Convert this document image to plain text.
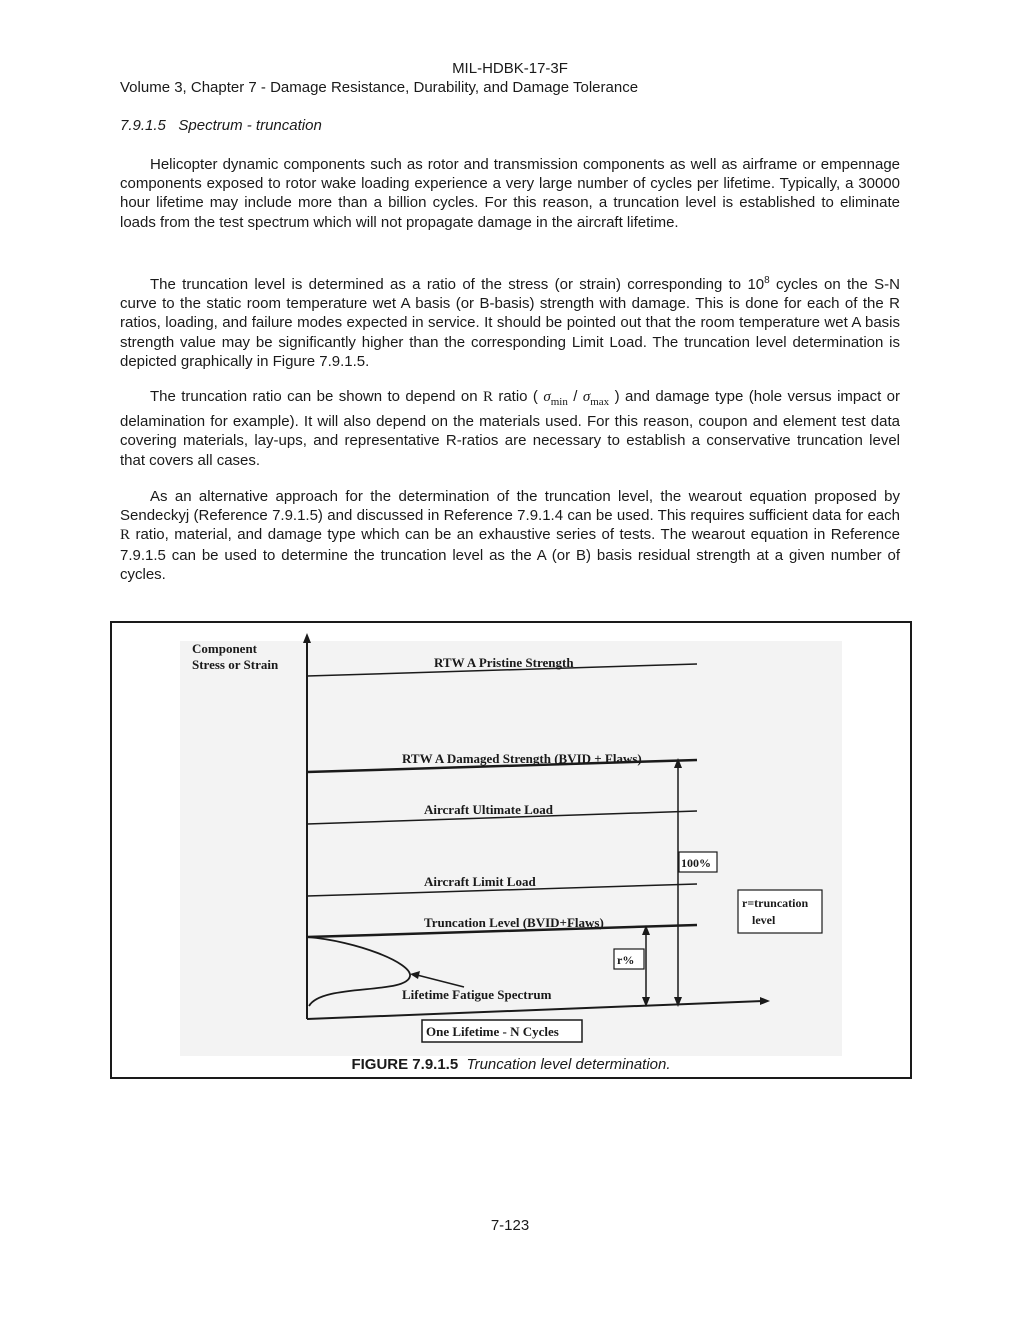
MIL-HDBK-17-3F
Volume 3, Chapter 7 - Damage Resistance, Durability, and Damage Tolerance
7.9.1.5 Spectrum - truncation

Helicopter dynamic components such as rotor and transmission components as well as airframe or empennage components exposed to rotor wake loading experience a very large number of cycles per lifetime. Typically, a 30000 hour lifetime may include more than a billion cycles. For this reason, a truncation level is established to eliminate loads from the test spectrum which will not propagate damage in the aircraft lifetime.

The truncation level is determined as a ratio of the stress (or strain) corresponding to $10^8$ cycles on the S-N curve to the static room temperature wet A basis (or B-basis) strength with damage. This is done for each of the R ratios, loading, and failure modes expected in service. It should be pointed out that the room temperature wet A basis strength value may be significantly higher than the corresponding Limit Load. The truncation level determination is depicted graphically in Figure 7.9.1.5.

The truncation ratio can be shown to depend on R ratio ( $\sigma_{min} / \sigma_{max}$ ) and damage type (hole versus impact or delamination for example). It will also depend on the materials used. For this reason, coupon and element test data covering materials, lay-ups, and representative R-ratios are necessary to establish a conservative truncation level that covers all cases.

As an alternative approach for the determination of the truncation level, the wearout equation proposed by Sendeckyj (Reference 7.9.1.5) and discussed in Reference 7.9.1.4 can be used. This requires sufficient data for each R ratio, material, and damage type which can be an exhaustive series of tests. The wearout equation in Reference 7.9.1.5 can be used to determine the truncation level as the A (or B) basis residual strength at a given number of cycles.

Component
Stress or Strain	RTW A Pristine Strength
RTW A Damaged Strength (BVID + Flaws)
Aircraft Ultimate Load
Aircraft Limit Load
Truncation Level (BVID+Flaws)
Lifetime Fatigue Spectrum
100%
r%
r=truncation
level
One Lifetime - N Cycles
FIGURE 7.9.1.5 Truncation level determination.
7-123
